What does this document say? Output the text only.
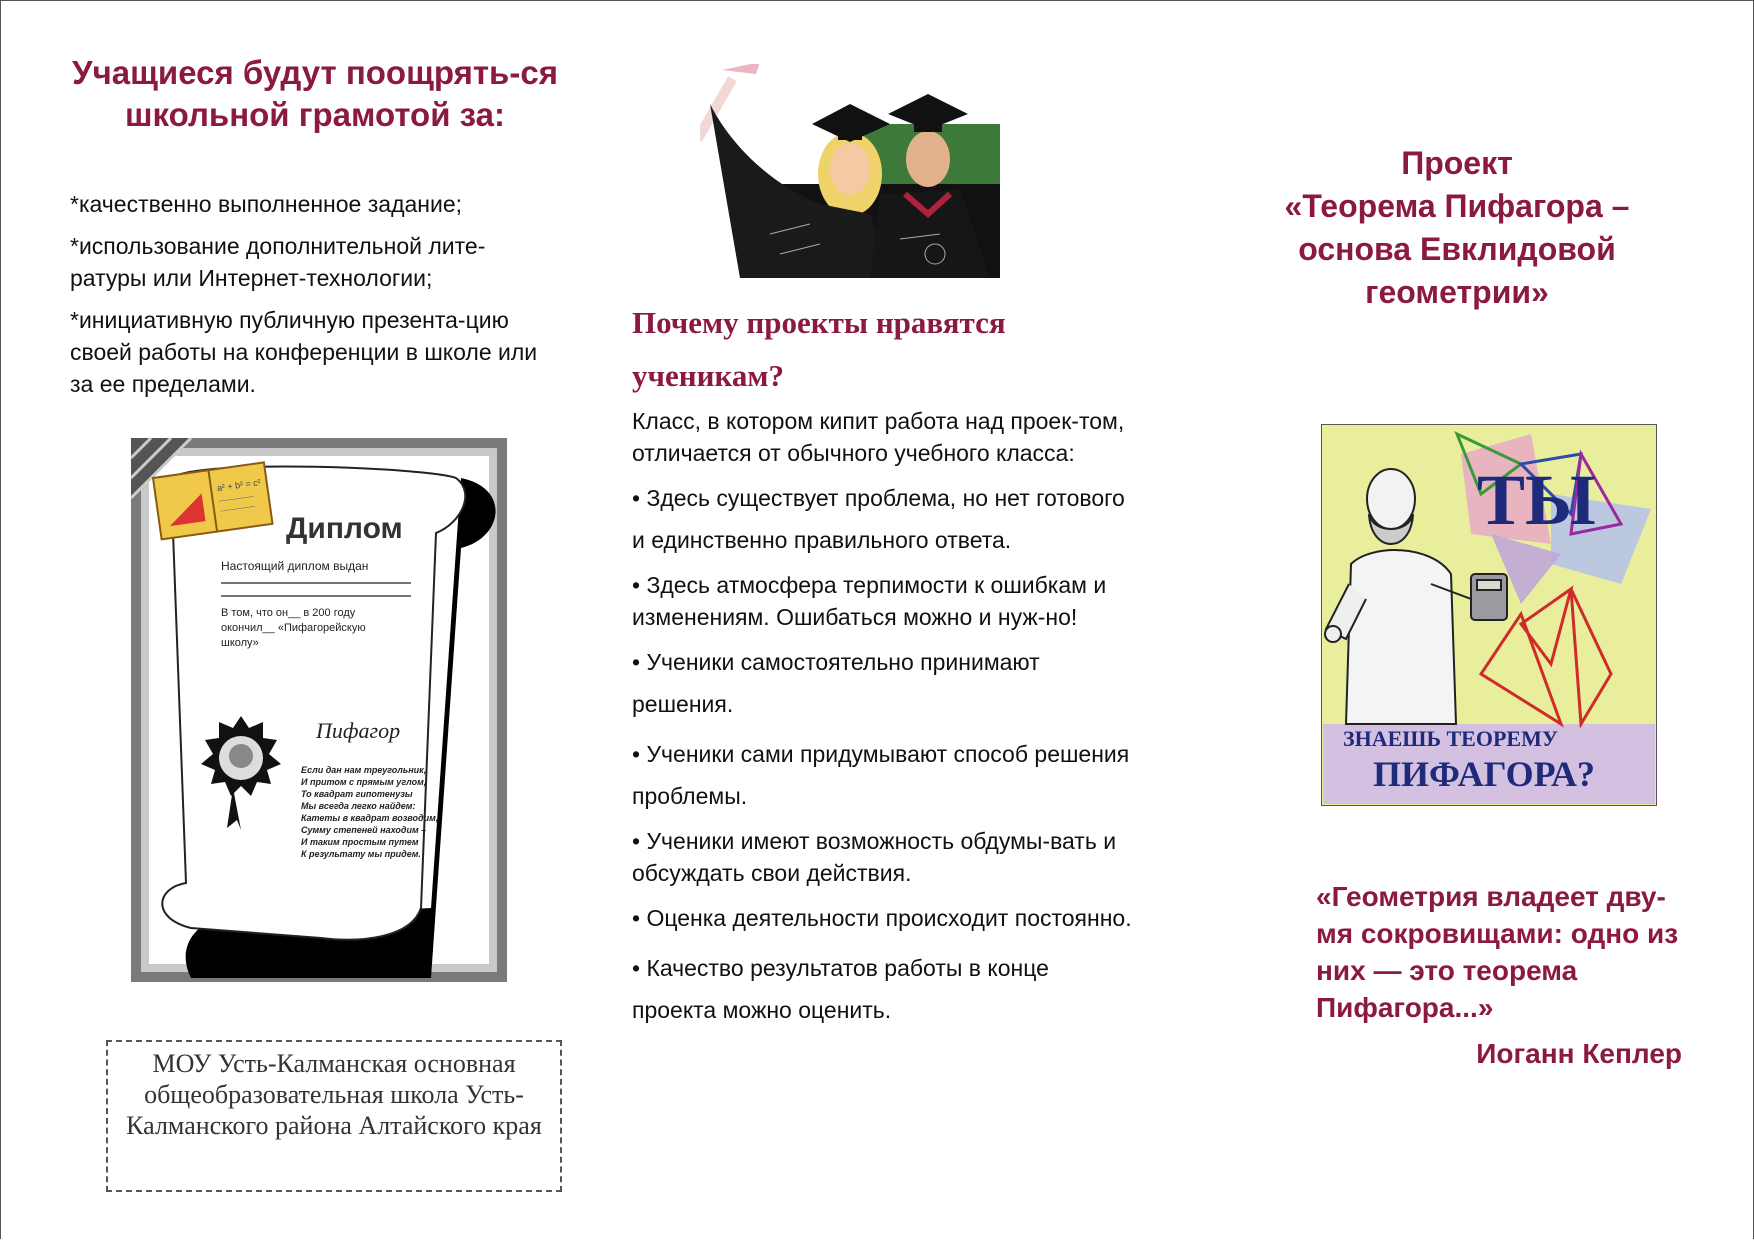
Учащиеся будут поощрять-ся школьной грамотой за:

*качественно выполненное задание;

*использование дополнительной лите-ратуры или Интернет-технологии;

*инициативную публичную презента-цию своей работы на конференции в школе или за ее пределами.

a² + b² = c²
―――――
―――――
Диплом
Настоящий диплом выдан
В том, что он__ в 200 году
окончил__ «Пифагорейскую
школу»
Пифагор
Если дан нам треугольник,
И притом с прямым углом,
То квадрат гипотенузы
Мы всегда легко найдем:
Катеты в квадрат возводим,
Сумму степеней находим –
И таким простым путем
К результату мы придем.
МОУ Усть-Калманская основная общеобразовательная школа Усть-Калманского района Алтайского края
Почему проекты нравятся ученикам?

Класс, в котором кипит работа над проек-том, отличается от обычного учебного класса:

• Здесь существует проблема, но нет готового и единственно правильного ответа.

• Здесь атмосфера терпимости к ошибкам и изменениям. Ошибаться можно и нуж-но!

• Ученики самостоятельно принимают решения.

• Ученики сами придумывают способ решения проблемы.

• Ученики имеют возможность обдумы-вать и обсуждать свои действия.

• Оценка деятельности происходит постоянно.

• Качество результатов работы в конце проекта можно оценить.

Проект
«Теорема Пифагора –
основа Евклидовой
геометрии»
ТЫ
ЗНАЕШЬ ТЕОРЕМУ
ПИФАГОРА?
«Геометрия владеет дву-мя сокровищами: одно из них — это теорема Пифагора...»
Иоганн Кеплер
